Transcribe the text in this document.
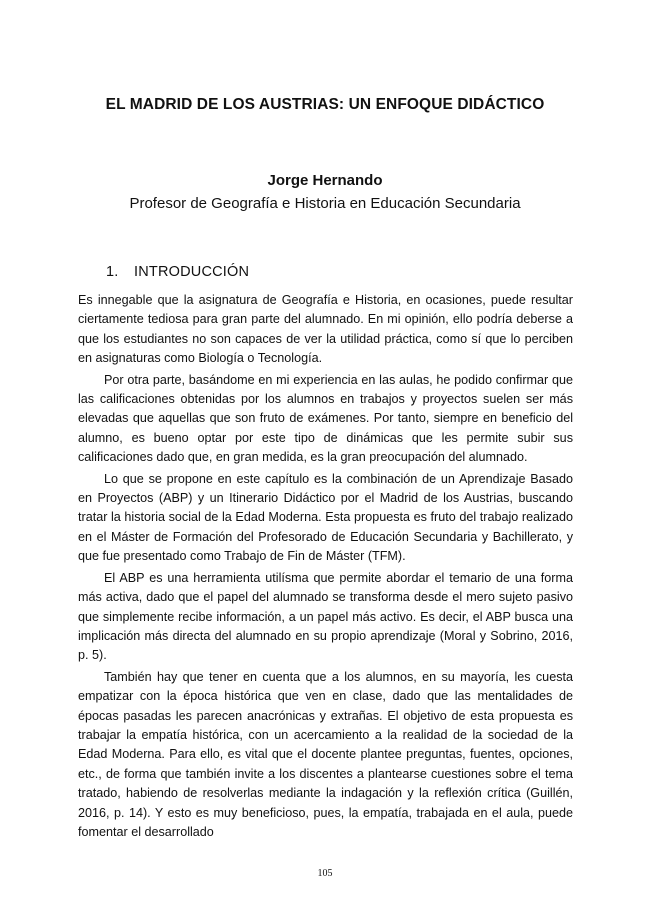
EL MADRID DE LOS AUSTRIAS: UN ENFOQUE DIDÁCTICO
Jorge Hernando
Profesor de Geografía e Historia en Educación Secundaria
1. INTRODUCCIÓN

Es innegable que la asignatura de Geografía e Historia, en ocasiones, puede resultar ciertamente tediosa para gran parte del alumnado. En mi opinión, ello podría deberse a que los estudiantes no son capaces de ver la utilidad práctica, como sí que lo perciben en asignaturas como Biología o Tecnología.

Por otra parte, basándome en mi experiencia en las aulas, he podido confirmar que las calificaciones obtenidas por los alumnos en trabajos y proyectos suelen ser más elevadas que aquellas que son fruto de exámenes. Por tanto, siempre en beneficio del alumno, es bueno optar por este tipo de dinámicas que les permite subir sus calificaciones dado que, en gran medida, es la gran preocupación del alumnado.

Lo que se propone en este capítulo es la combinación de un Aprendizaje Basado en Proyectos (ABP) y un Itinerario Didáctico por el Madrid de los Austrias, buscando tratar la historia social de la Edad Moderna. Esta propuesta es fruto del trabajo realizado en el Máster de Formación del Profesorado de Educación Secundaria y Bachillerato, y que fue presentado como Trabajo de Fin de Máster (TFM).

El ABP es una herramienta utilísma que permite abordar el temario de una forma más activa, dado que el papel del alumnado se transforma desde el mero sujeto pasivo que simplemente recibe información, a un papel más activo. Es decir, el ABP busca una implicación más directa del alumnado en su propio aprendizaje (Moral y Sobrino, 2016, p. 5).

También hay que tener en cuenta que a los alumnos, en su mayoría, les cuesta empatizar con la época histórica que ven en clase, dado que las mentalidades de épocas pasadas les parecen anacrónicas y extrañas. El objetivo de esta propuesta es trabajar la empatía histórica, con un acercamiento a la realidad de la sociedad de la Edad Moderna. Para ello, es vital que el docente plantee preguntas, fuentes, opciones, etc., de forma que también invite a los discentes a plantearse cuestiones sobre el tema tratado, habiendo de resolverlas mediante la indagación y la reflexión crítica (Guillén, 2016, p. 14). Y esto es muy beneficioso, pues, la empatía, trabajada en el aula, puede fomentar el desarrollado

105
